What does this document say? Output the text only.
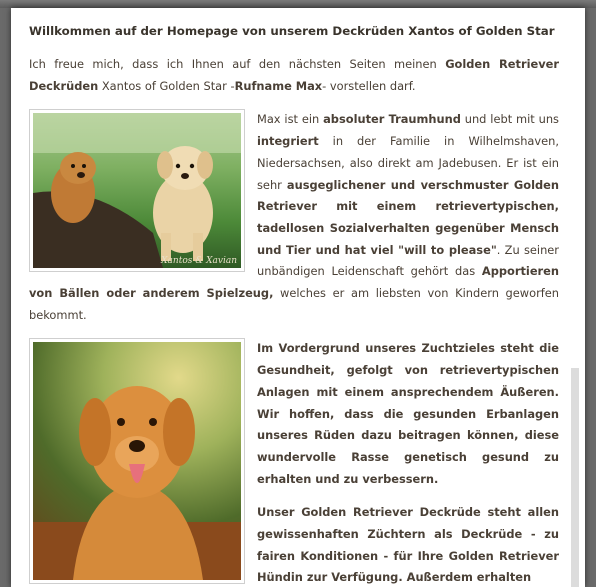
Willkommen auf der Homepage von unserem Deckrüden Xantos of Golden Star

Ich freue mich, dass ich Ihnen auf den nächsten Seiten meinen Golden Retriever Deckrüden Xantos of Golden Star -Rufname Max- vorstellen darf.

Xantos & Xavian

Max ist ein absoluter Traumhund und lebt mit uns integriert in der Familie in Wilhelmshaven, Niedersachsen, also direkt am Jadebusen. Er ist ein sehr ausgeglichener und verschmuster Golden Retriever mit einem retrievertypischen, tadellosen Sozialverhalten gegenüber Mensch und Tier und hat viel "will to please". Zu seiner unbändigen Leidenschaft gehört das Apportieren von Bällen oder anderem Spielzeug, welches er am liebsten von Kindern geworfen bekommt.

Im Vordergrund unseres Zuchtzieles steht die Gesundheit, gefolgt von retrievertypischen Anlagen mit einem ansprechendem Äußeren. Wir hoffen, dass die gesunden Erbanlagen unseres Rüden dazu beitragen können, diese wundervolle Rasse genetisch gesund zu erhalten und zu verbessern.

Unser Golden Retriever Deckrüde steht allen gewissenhaften Züchtern als Deckrüde - zu fairen Konditionen - für Ihre Golden Retriever Hündin zur Verfügung. Außerdem erhalten
